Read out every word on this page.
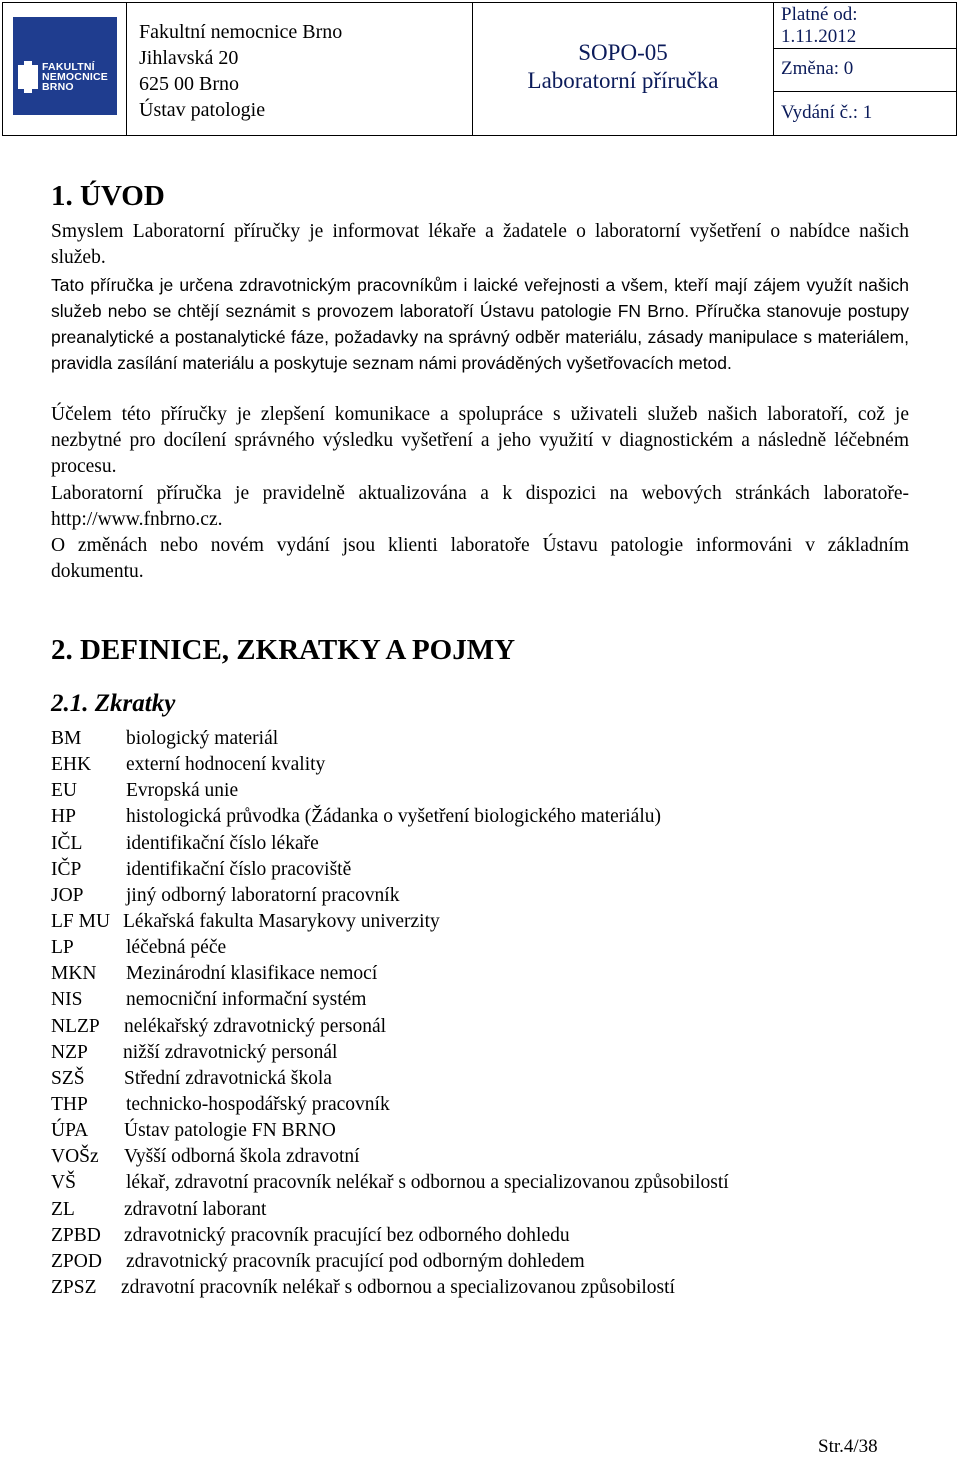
FAKULTNÍ
NEMOCNICE
BRNO

Fakultní nemocnice Brno
Jihlavská 20
625 00 Brno
Ústav patologie

SOPO-05
Laboratorní příručka

Platné od:
1.11.2012
Změna: 0
Vydání č.: 1
1. ÚVOD

Smyslem Laboratorní příručky je informovat lékaře a žadatele o laboratorní vyšetření o nabídce našich služeb.

Tato příručka je určena zdravotnickým pracovníkům i laické veřejnosti a všem, kteří mají zájem využít našich služeb nebo se chtějí seznámit s provozem laboratoří Ústavu patologie FN Brno. Příručka stanovuje postupy preanalytické a postanalytické fáze, požadavky na správný odběr materiálu, zásady manipulace s materiálem, pravidla zasílání materiálu a poskytuje seznam námi prováděných vyšetřovacích metod.

Účelem této příručky je zlepšení komunikace a spolupráce s uživateli služeb našich laboratoří, což je nezbytné pro docílení správného výsledku vyšetření a jeho využití v diagnostickém a následně léčebném procesu.

Laboratorní příručka je pravidelně aktualizována a k dispozici na webových stránkách laboratoře- http://www.fnbrno.cz.

O změnách nebo novém vydání jsou klienti laboratoře Ústavu patologie informováni v základním dokumentu.

2. DEFINICE, ZKRATKY A POJMY
2.1. Zkratky
BM biologický materiál
EHK externí hodnocení kvality
EU	Evropská unie
HP	histologická průvodka (Žádanka o vyšetření biologického materiálu)
IČL identifikační číslo lékaře
IČP identifikační číslo pracoviště
JOP jiný odborný laboratorní pracovník
LF MU Lékařská fakulta Masarykovy univerzity
LP	léčebná péče
MKN Mezinárodní klasifikace nemocí
NIS nemocniční informační systém
NLZP nelékařský zdravotnický personál
NZP nižší zdravotnický personál
SZŠ Střední zdravotnická škola
THP technicko-hospodářský pracovník
ÚPA Ústav patologie FN BRNO
VOŠz Vyšší odborná škola zdravotní
VŠ	lékař, zdravotní pracovník nelékař s odbornou a specializovanou způsobilostí
ZL	zdravotní laborant
ZPBD zdravotnický pracovník pracující bez odborného dohledu
ZPOD zdravotnický pracovník pracující pod odborným dohledem
ZPSZ zdravotní pracovník nelékař s odbornou a specializovanou způsobilostí
Str.4/38
